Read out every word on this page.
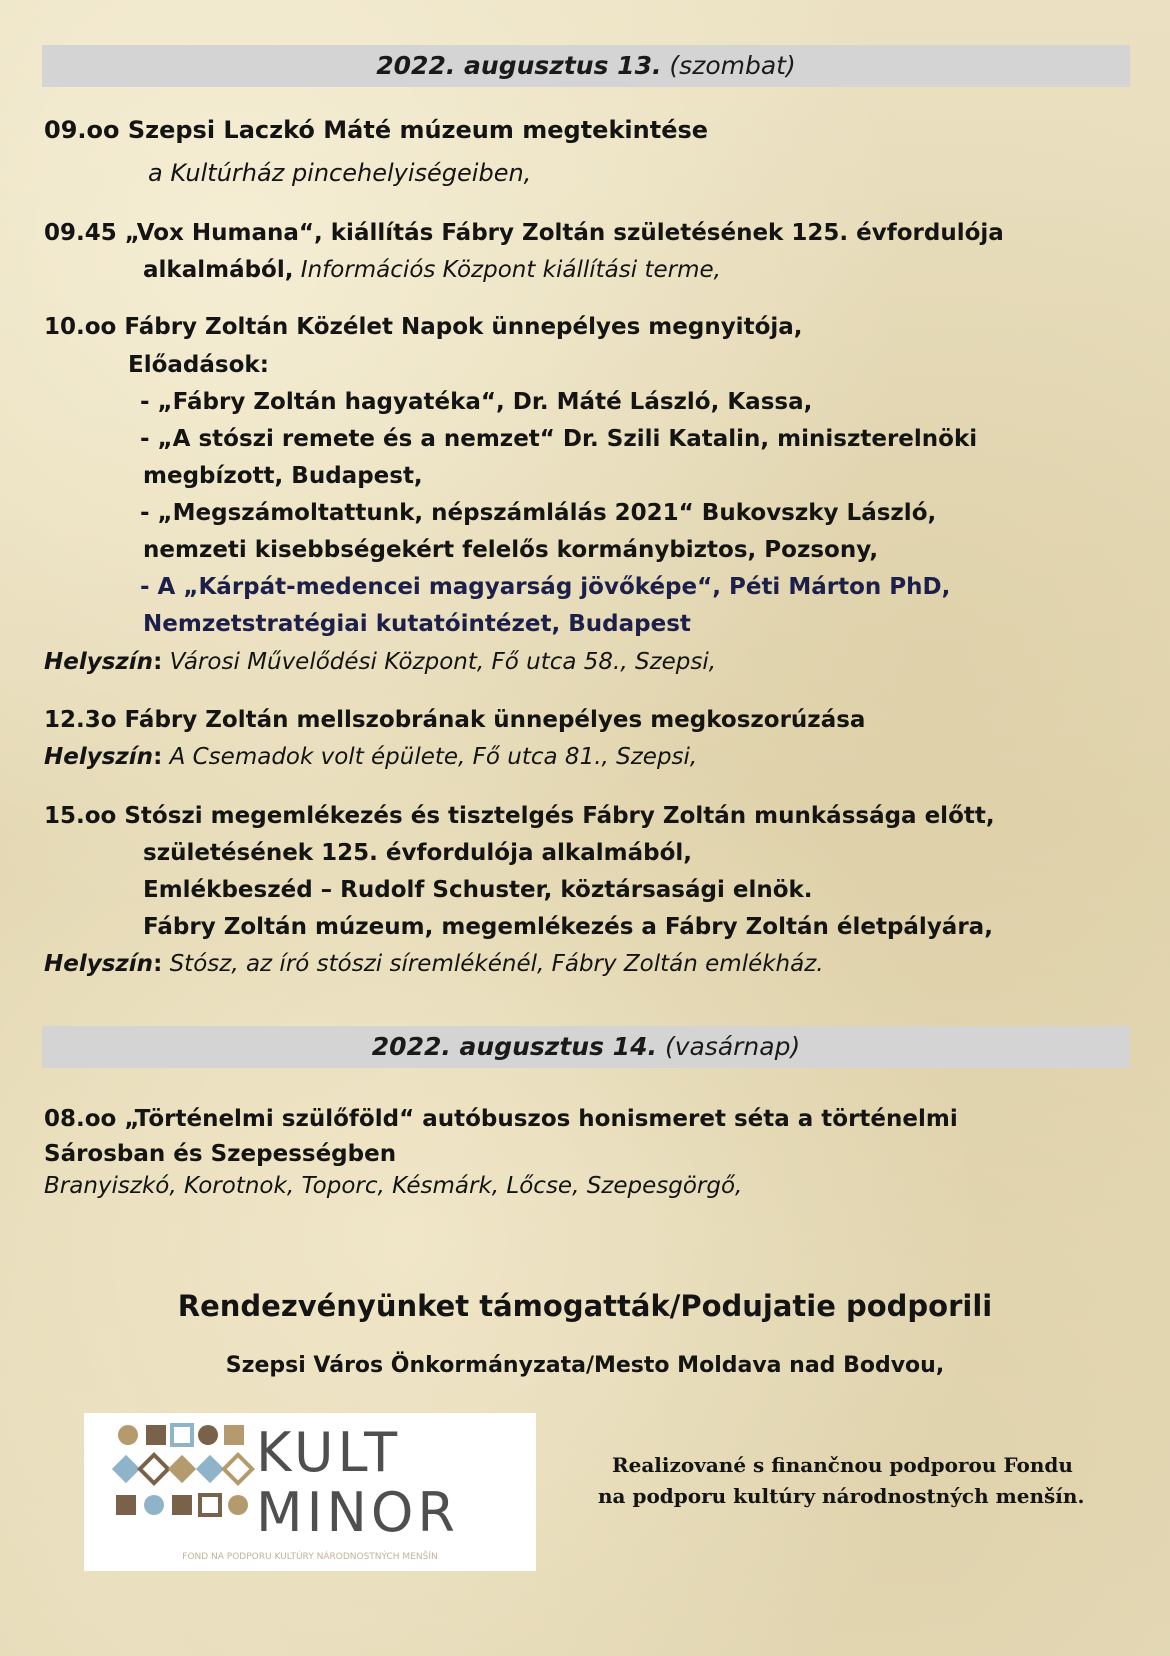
2022. augusztus 13. (szombat)
09.oo Szepsi Laczkó Máté múzeum megtekintése
a Kultúrház pincehelyiségeiben,
09.45 „Vox Humana“, kiállítás Fábry Zoltán születésének 125. évfordulója
alkalmából, Információs Központ kiállítási terme,
10.oo Fábry Zoltán Közélet Napok ünnepélyes megnyitója,
Előadások:
- „Fábry Zoltán hagyatéka“, Dr. Máté László, Kassa,
- „A stószi remete és a nemzet“ Dr. Szili Katalin, miniszterelnöki
megbízott, Budapest,
- „Megszámoltattunk, népszámlálás 2021“ Bukovszky László,
nemzeti kisebbségekért felelős kormánybiztos, Pozsony,
- A „Kárpát-medencei magyarság jövőképe“, Péti Márton PhD,
Nemzetstratégiai kutatóintézet, Budapest
Helyszín: Városi Művelődési Központ, Fő utca 58., Szepsi,
12.3o Fábry Zoltán mellszobrának ünnepélyes megkoszorúzása
Helyszín: A Csemadok volt épülete, Fő utca 81., Szepsi,
15.oo Stószi megemlékezés és tisztelgés Fábry Zoltán munkássága előtt,
születésének 125. évfordulója alkalmából,
Emlékbeszéd – Rudolf Schuster, köztársasági elnök.
Fábry Zoltán múzeum, megemlékezés a Fábry Zoltán életpályára,
Helyszín: Stósz, az író stószi síremlékénél, Fábry Zoltán emlékház.
2022. augusztus 14. (vasárnap)
08.oo „Történelmi szülőföld“ autóbuszos honismeret séta a történelmi
Sárosban és Szepességben
Branyiszkó, Korotnok, Toporc, Késmárk, Lőcse, Szepesgörgő,
Rendezvényünket támogatták/Podujatie podporili
Szepsi Város Önkormányzata/Mesto Moldava nad Bodvou,
KULT
MINOR
FOND NA PODPORU KULTÚRY NÁRODNOSTNÝCH MENŠÍN
Realizované s finančnou podporou Fondu
na podporu kultúry národnostných menšín.
